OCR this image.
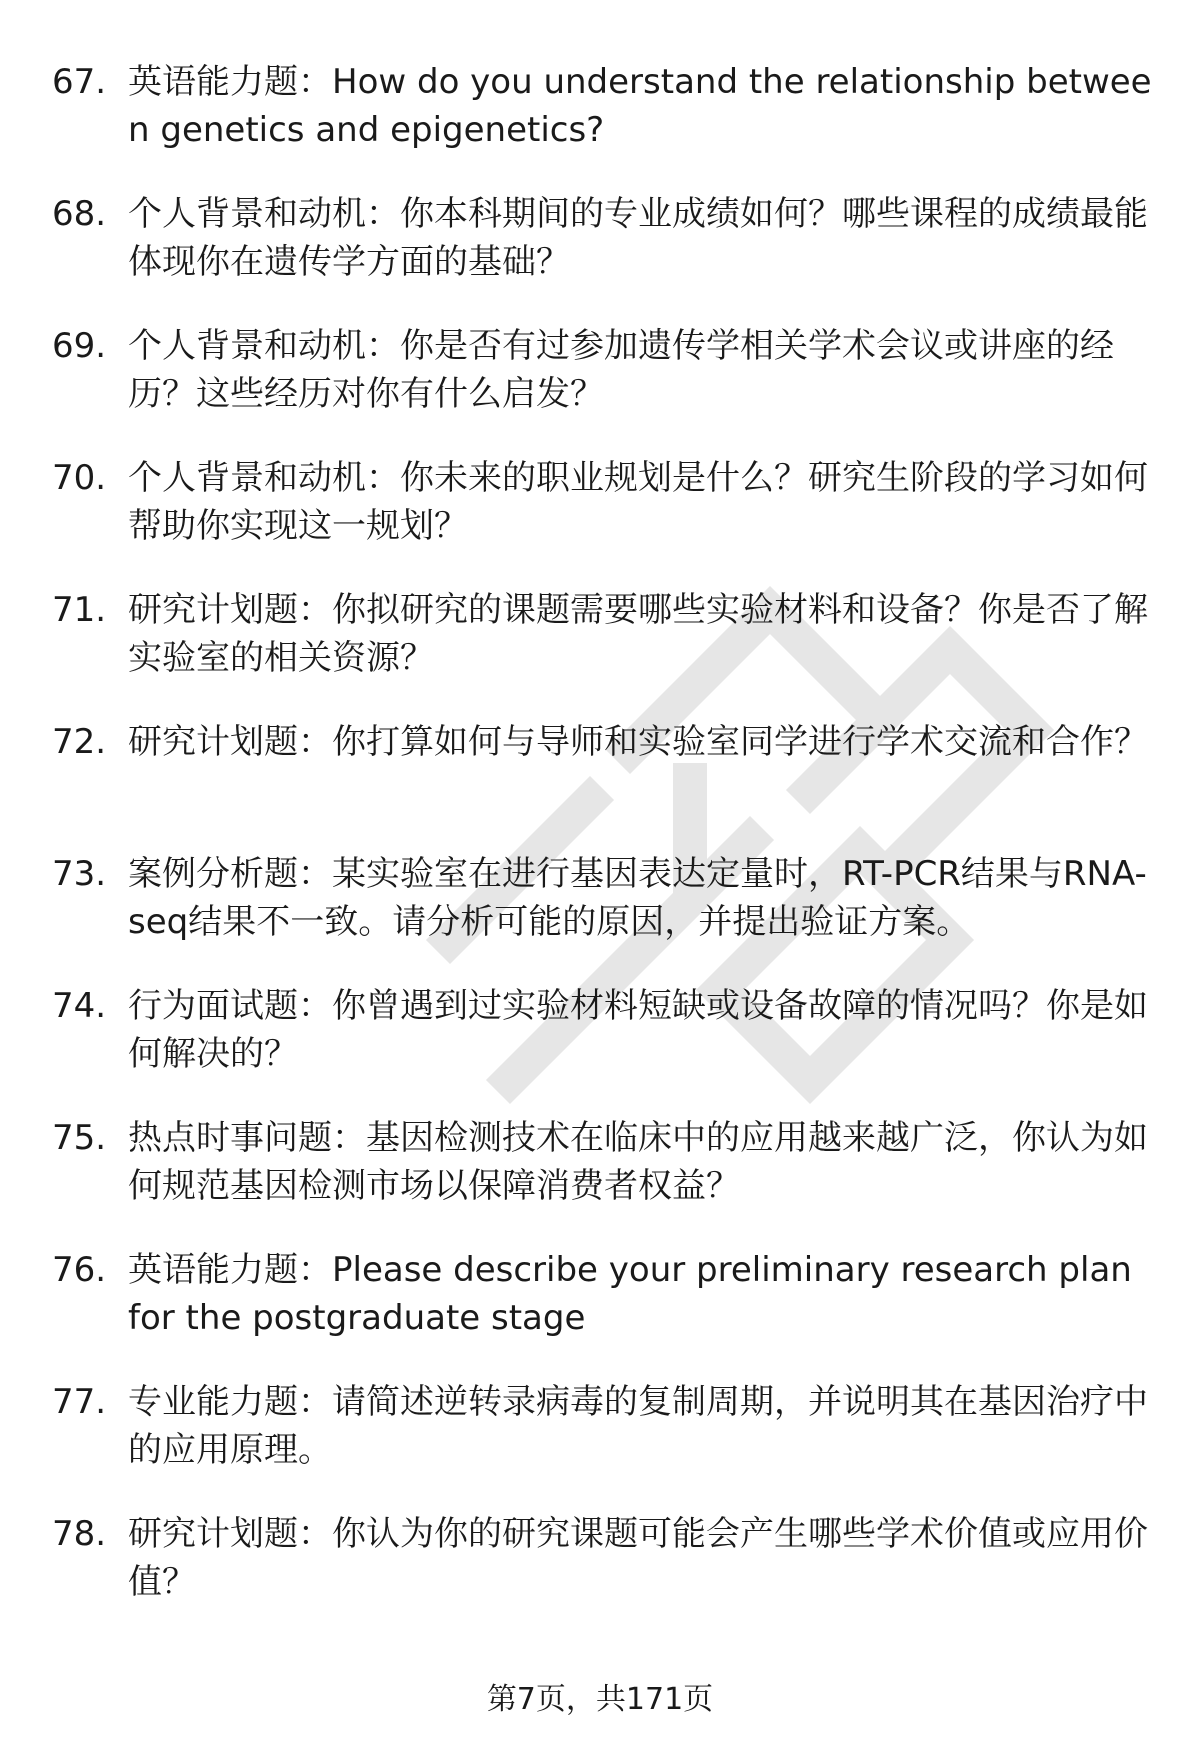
67. 英语能力题：How do you understand the relationship between genetics and epigenetics?
68. 个人背景和动机：你本科期间的专业成绩如何？哪些课程的成绩最能体现你在遗传学方面的基础？
69. 个人背景和动机：你是否有过参加遗传学相关学术会议或讲座的经历？这些经历对你有什么启发？
70. 个人背景和动机：你未来的职业规划是什么？研究生阶段的学习如何帮助你实现这一规划？
71. 研究计划题：你拟研究的课题需要哪些实验材料和设备？你是否了解实验室的相关资源？
72. 研究计划题：你打算如何与导师和实验室同学进行学术交流和合作？
73. 案例分析题：某实验室在进行基因表达定量时，RT-PCR结果与RNA-seq结果不一致。请分析可能的原因，并提出验证方案。
74. 行为面试题：你曾遇到过实验材料短缺或设备故障的情况吗？你是如何解决的？
75. 热点时事问题：基因检测技术在临床中的应用越来越广泛，你认为如何规范基因检测市场以保障消费者权益？
76. 英语能力题：Please describe your preliminary research plan for the postgraduate stage
77. 专业能力题：请简述逆转录病毒的复制周期，并说明其在基因治疗中的应用原理。
78. 研究计划题：你认为你的研究课题可能会产生哪些学术价值或应用价值？
第7页，共171页
